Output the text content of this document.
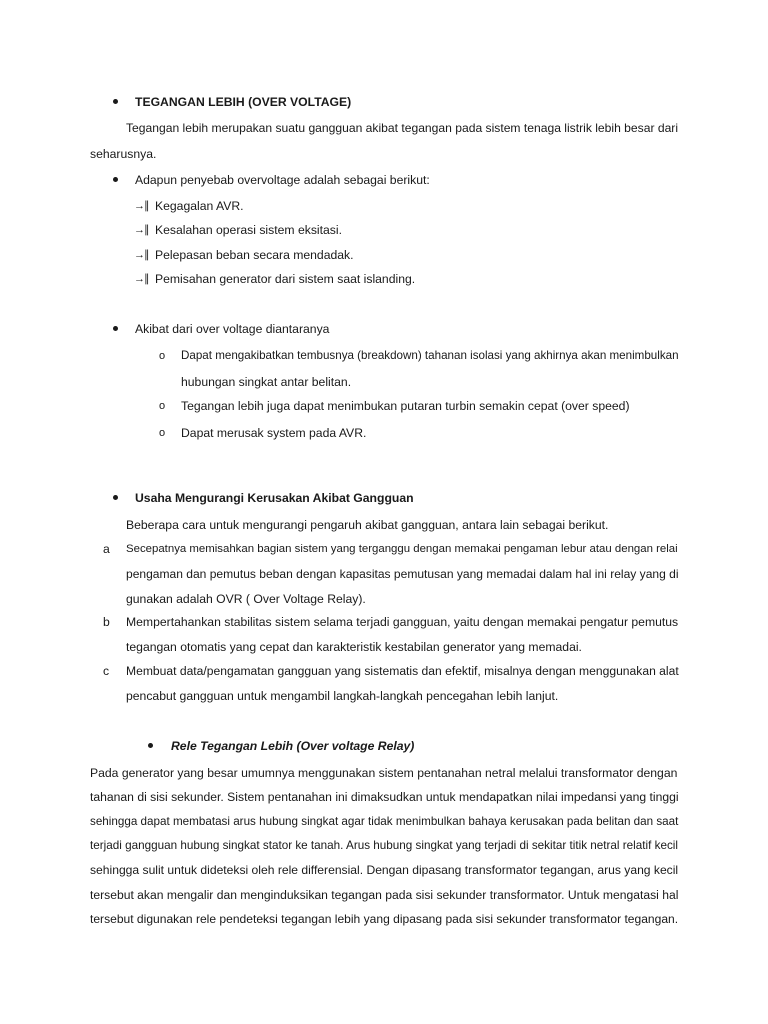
TEGANGAN LEBIH (OVER VOLTAGE)
Tegangan lebih merupakan suatu gangguan akibat tegangan pada sistem tenaga listrik lebih besar dari
seharusnya.
Adapun penyebab overvoltage adalah sebagai berikut:
→∥ Kegagalan AVR.
→∥ Kesalahan operasi sistem eksitasi.
→∥ Pelepasan beban secara mendadak.
→∥ Pemisahan generator dari sistem saat islanding.
Akibat dari over voltage diantaranya
o Dapat mengakibatkan tembusnya (breakdown) tahanan isolasi yang akhirnya akan menimbulkan
hubungan singkat antar belitan.
o Tegangan lebih juga dapat menimbukan putaran turbin semakin cepat (over speed)
o Dapat merusak system pada AVR.
Usaha Mengurangi Kerusakan Akibat Gangguan
Beberapa cara untuk mengurangi pengaruh akibat gangguan, antara lain sebagai berikut.
a Secepatnya memisahkan bagian sistem yang terganggu dengan memakai pengaman lebur atau dengan relai
pengaman dan pemutus beban dengan kapasitas pemutusan yang memadai dalam hal ini relay yang di
gunakan adalah OVR ( Over Voltage Relay).
b Mempertahankan stabilitas sistem selama terjadi gangguan, yaitu dengan memakai pengatur pemutus
tegangan otomatis yang cepat dan karakteristik kestabilan generator yang memadai.
c Membuat data/pengamatan gangguan yang sistematis dan efektif, misalnya dengan menggunakan alat
pencabut gangguan untuk mengambil langkah-langkah pencegahan lebih lanjut.
Rele Tegangan Lebih (Over voltage Relay)
Pada generator yang besar umumnya menggunakan sistem pentanahan netral melalui transformator dengan
tahanan di sisi sekunder. Sistem pentanahan ini dimaksudkan untuk mendapatkan nilai impedansi yang tinggi
sehingga dapat membatasi arus hubung singkat agar tidak menimbulkan bahaya kerusakan pada belitan dan saat
terjadi gangguan hubung singkat stator ke tanah. Arus hubung singkat yang terjadi di sekitar titik netral relatif kecil
sehingga sulit untuk dideteksi oleh rele differensial. Dengan dipasang transformator tegangan, arus yang kecil
tersebut akan mengalir dan menginduksikan tegangan pada sisi sekunder transformator. Untuk mengatasi hal
tersebut digunakan rele pendeteksi tegangan lebih yang dipasang pada sisi sekunder transformator tegangan.
